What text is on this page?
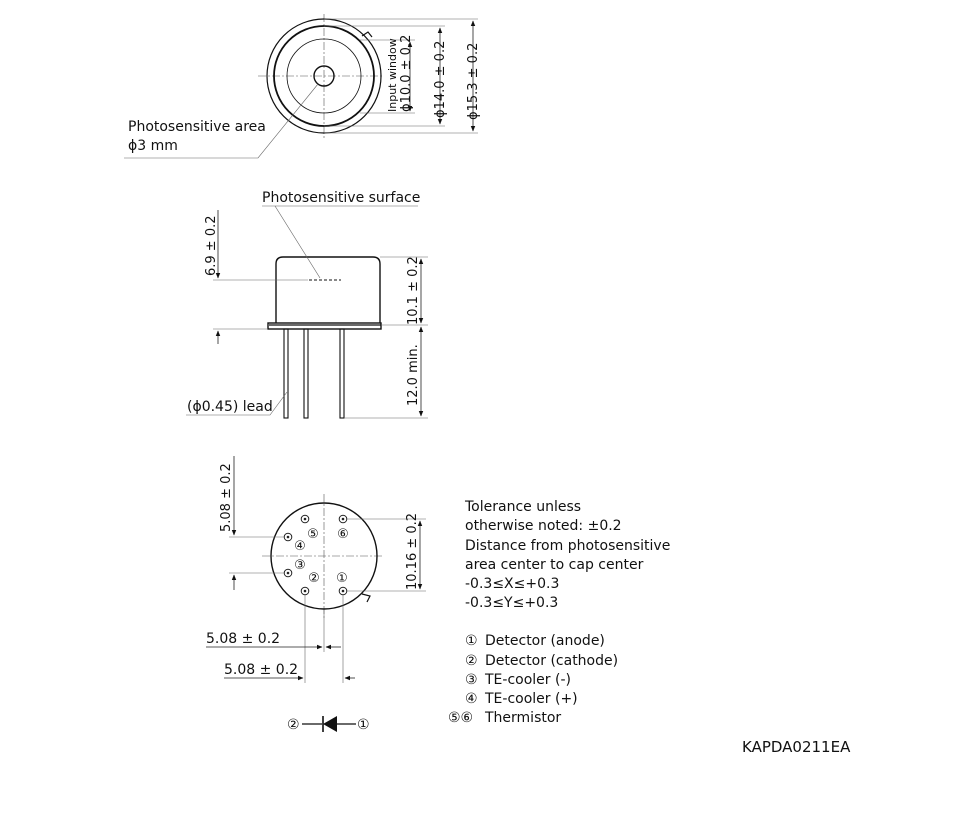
Photosensitive area
ϕ3 mm
Input window ϕ10.0 ± 0.2 ϕ14.0 ± 0.2 ϕ15.3 ± 0.2
Photosensitive surface
6.9 ± 0.2
10.1 ± 0.2
12.0 min.
(ϕ0.45) lead
⑤ ⑥
④
③
② ①
5.08 ± 0.2
10.16 ± 0.2
5.08 ± 0.2
5.08 ± 0.2
②	①
Tolerance unless
otherwise noted: ±0.2
Distance from photosensitive
area center to cap center
-0.3≤X≤+0.3
-0.3≤Y≤+0.3
① Detector (anode)
② Detector (cathode)
③ TE-cooler (-)
④ TE-cooler (+)
⑤⑥ Thermistor
KAPDA0211EA
